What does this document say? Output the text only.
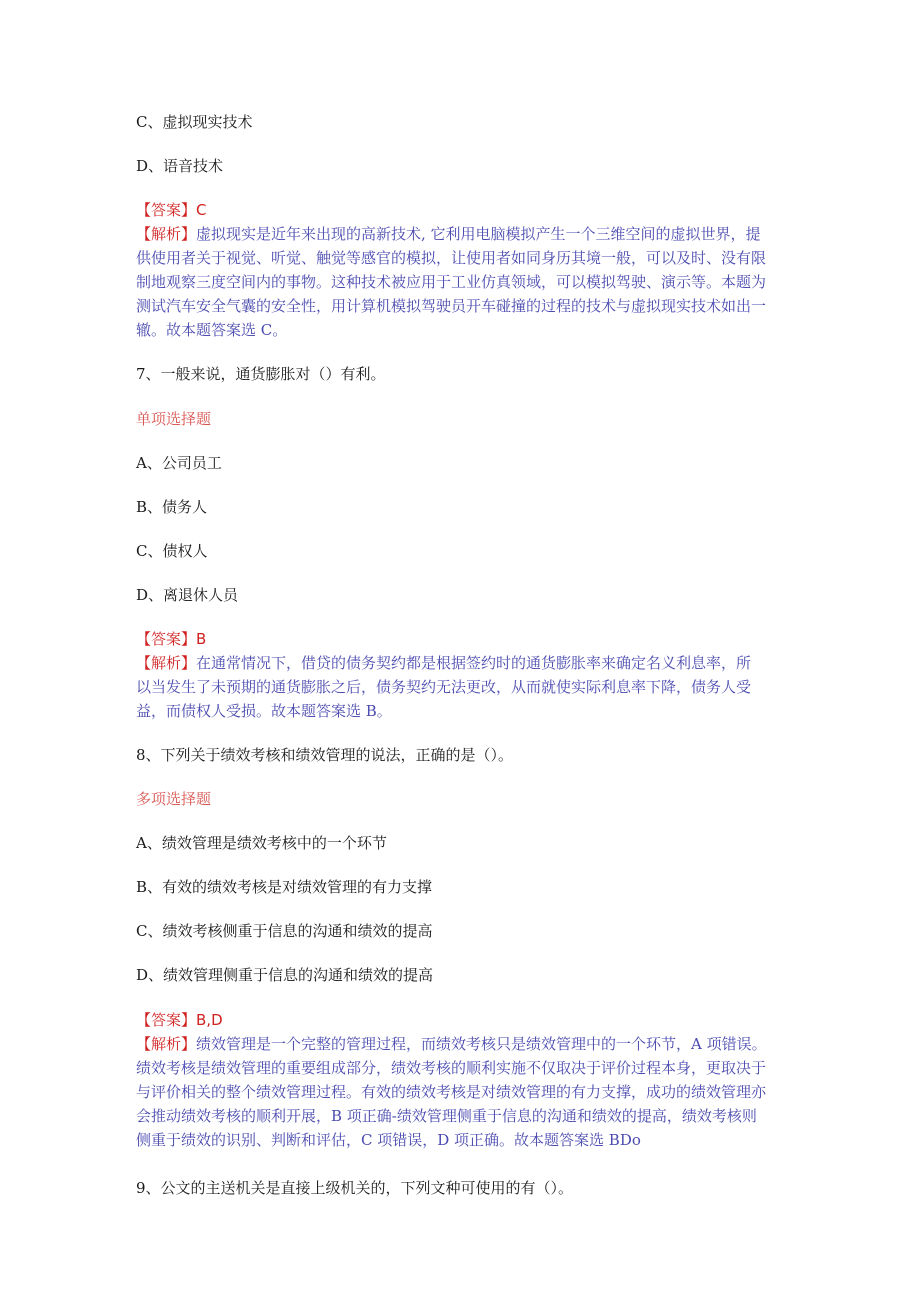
C、虚拟现实技术
D、语音技术
【答案】C

【解析】虚拟现实是近年来出现的高新技术, 它利用电脑模拟产生一个三维空间的虚拟世界，提

供使用者关于视觉、听觉、触觉等感官的模拟，让使用者如同身历其境一般，可以及时、没有限

制地观察三度空间内的事物。这种技术被应用于工业仿真领域，可以模拟驾驶、演示等。本题为

测试汽车安全气囊的安全性，用计算机模拟驾驶员开车碰撞的过程的技术与虚拟现实技术如出一

辙。故本题答案选 C。

7、一般来说，通货膨胀对（）有利。
单项选择题
A、公司员工
B、债务人
C、债权人
D、离退休人员
【答案】B

【解析】在通常情况下，借贷的债务契约都是根据签约时的通货膨胀率来确定名义利息率，所

以当发生了未预期的通货膨胀之后，债务契约无法更改，从而就使实际利息率下降，债务人受

益，而债权人受损。故本题答案选 B。

8、下列关于绩效考核和绩效管理的说法，正确的是（）。
多项选择题
A、绩效管理是绩效考核中的一个环节
B、有效的绩效考核是对绩效管理的有力支撑
C、绩效考核侧重于信息的沟通和绩效的提高
D、绩效管理侧重于信息的沟通和绩效的提高
【答案】B,D

【解析】绩效管理是一个完整的管理过程，而绩效考核只是绩效管理中的一个环节，A 项错误。

绩效考核是绩效管理的重要组成部分，绩效考核的顺利实施不仅取决于评价过程本身，更取决于

与评价相关的整个绩效管理过程。有效的绩效考核是对绩效管理的有力支撑，成功的绩效管理亦

会推动绩效考核的顺利开展，B 项正确-绩效管理侧重于信息的沟通和绩效的提高，绩效考核则

侧重于绩效的识别、判断和评估，C 项错误，D 项正确。故本题答案选 BDo

9、公文的主送机关是直接上级机关的，下列文种可使用的有（）。
